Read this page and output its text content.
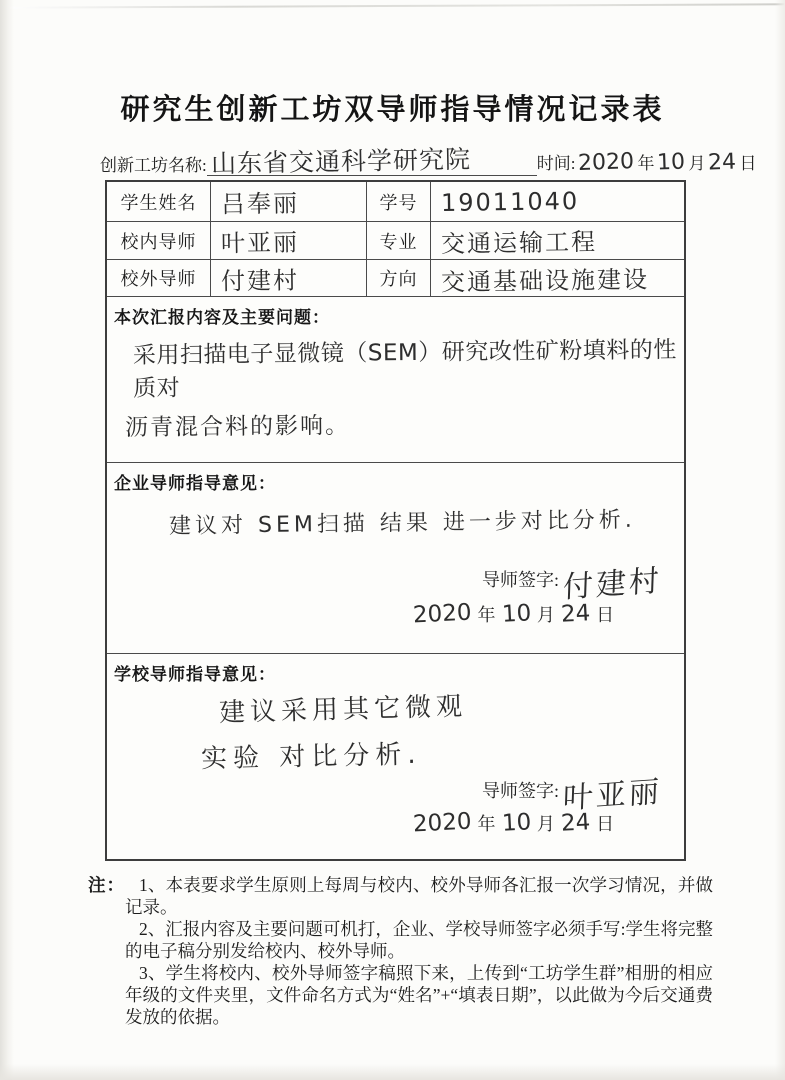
研究生创新工坊双导师指导情况记录表
创新工坊名称: 山东省交通科学研究院	时间: 2020 年 10 月 24 日
学生姓名	吕奉丽	学号 19011040
校内导师	叶亚丽	专业 交通运输工程
校外导师	付建村	方向 交通基础设施建设
本次汇报内容及主要问题：
采用扫描电子显微镜（SEM）研究改性矿粉填料的性质对 沥青混合料的影响。
企业导师指导意见：
建议对 SEM扫描 结果 进一步对比分析.
导师签字: 付建村
2020 年 10 月 24 日
学校导师指导意见：
建议采用其它微观 实验 对比分析.
导师签字: 叶亚丽
2020 年 10 月 24 日
注： 1、本表要求学生原则上每周与校内、校外导师各汇报一次学习情况，并做记录。

2、汇报内容及主要问题可机打，企业、学校导师签字必须手写:学生将完整的电子稿分别发给校内、校外导师。

3、学生将校内、校外导师签字稿照下来，上传到“工坊学生群”相册的相应年级的文件夹里，文件命名方式为“姓名”+“填表日期”，以此做为今后交通费发放的依据。
